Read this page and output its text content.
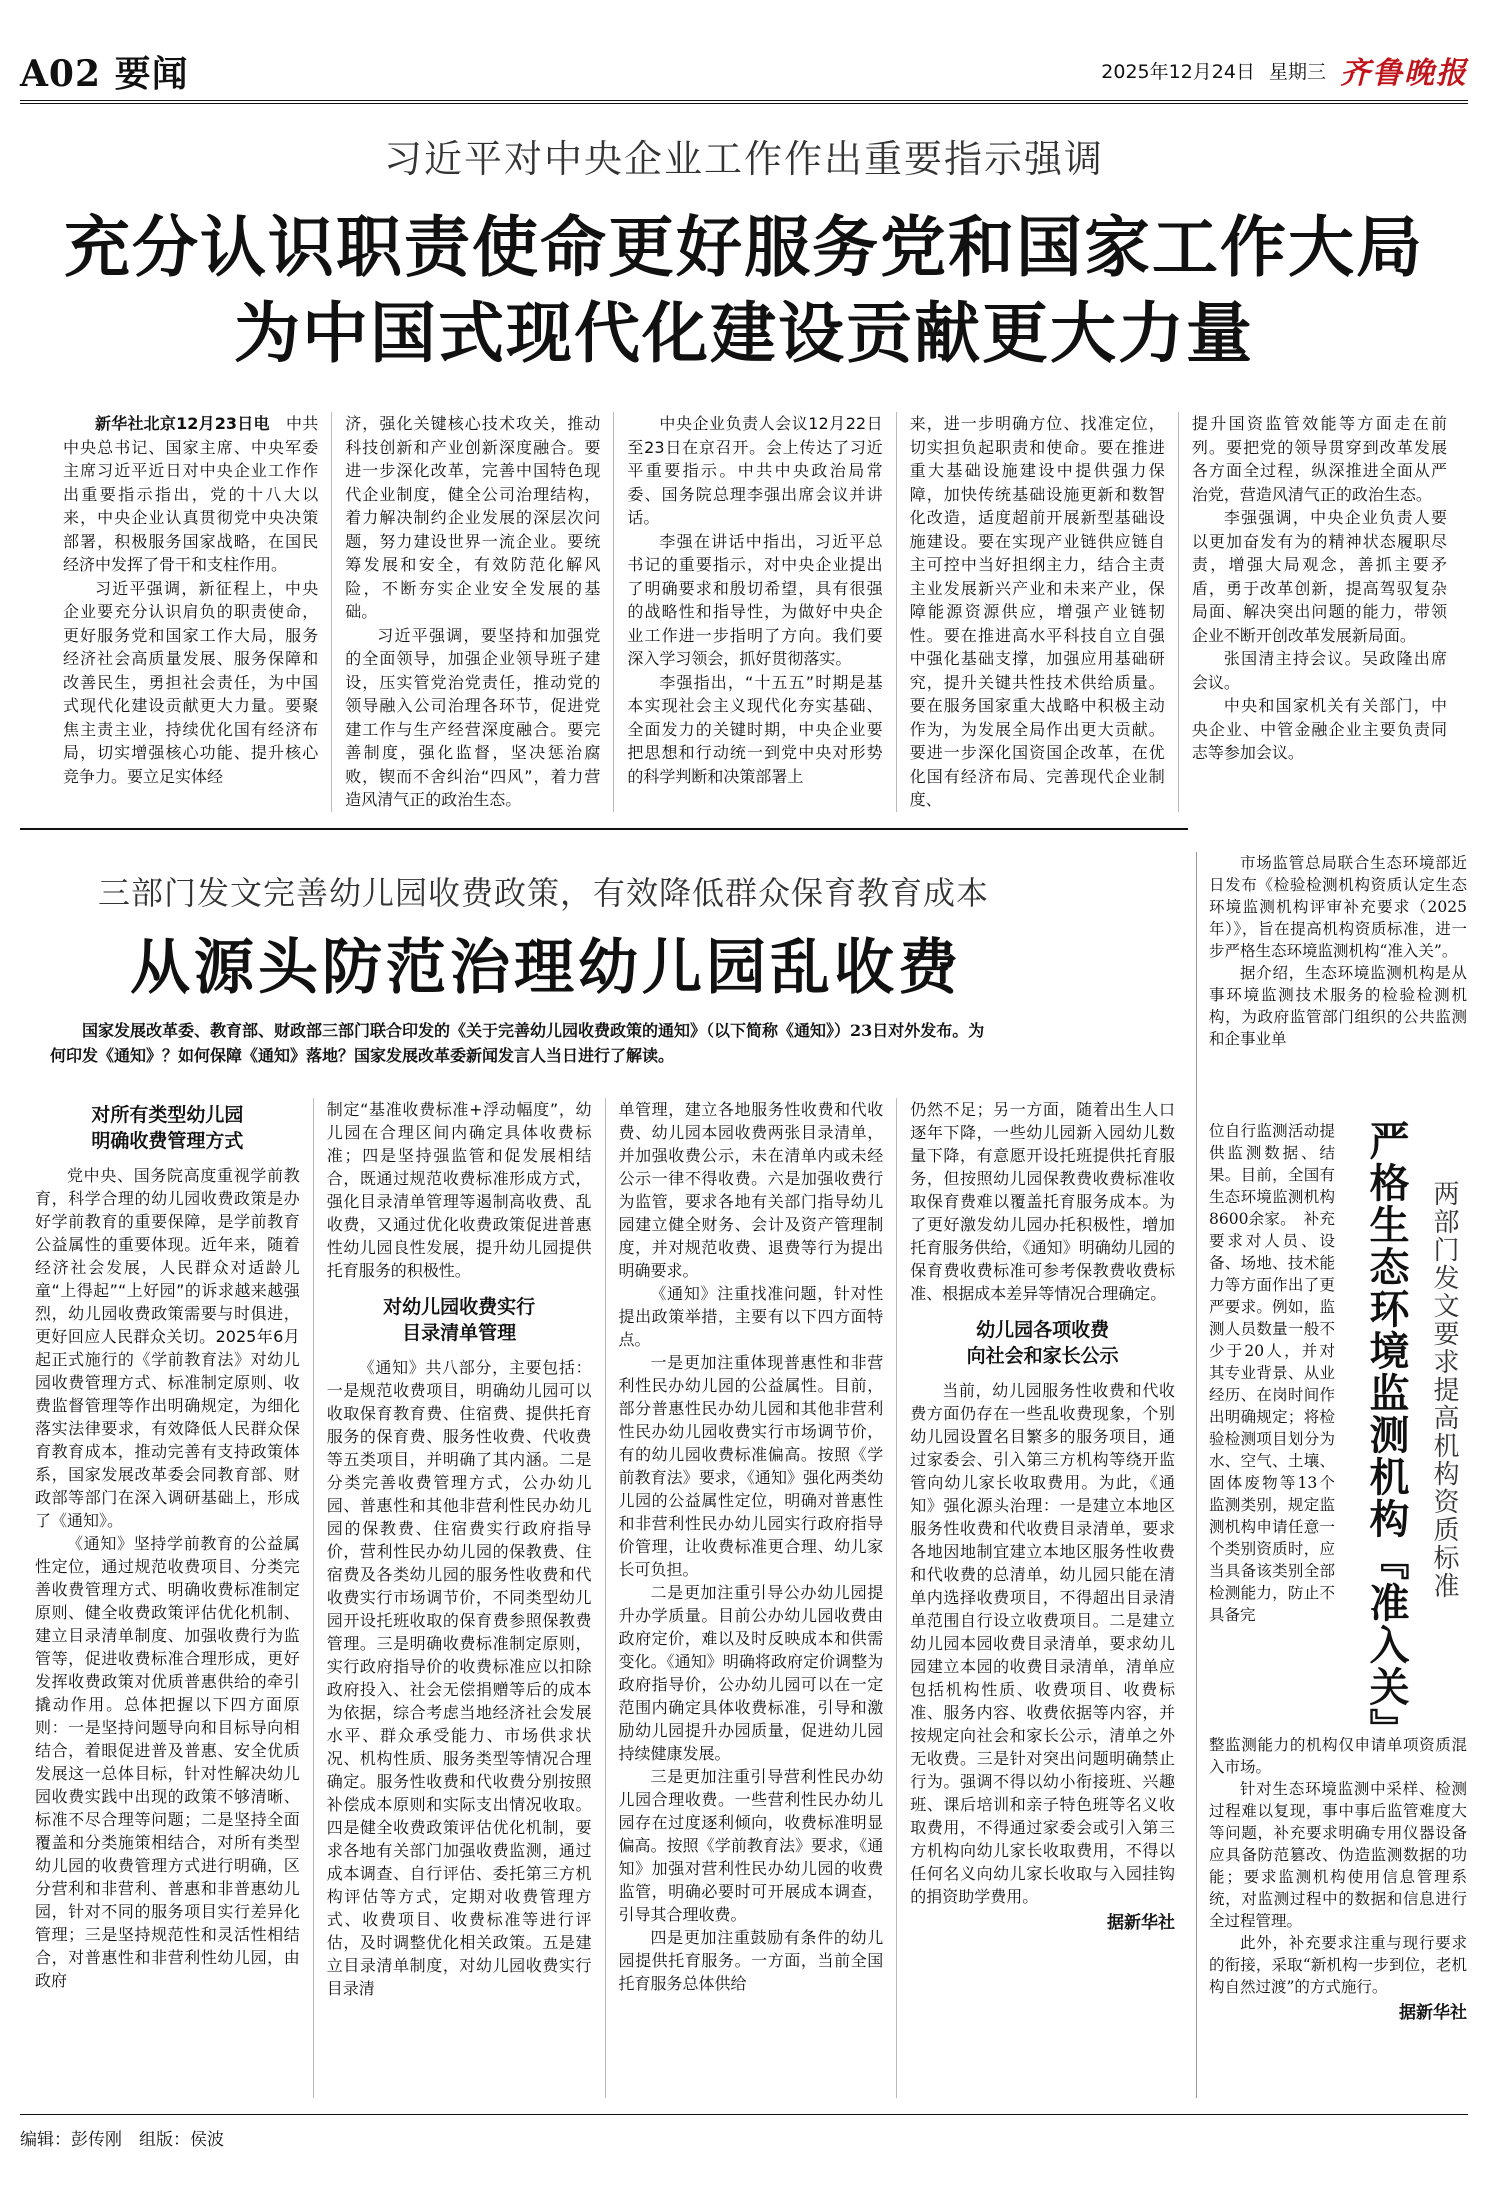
A02 要闻	2025年12月24日 星期三 齐鲁晚报
习近平对中央企业工作作出重要指示强调
充分认识职责使命更好服务党和国家工作大局
为中国式现代化建设贡献更大力量

新华社北京12月23日电　 中共中央总书记、国家主席、中央军委主席习近平近日对中央企业工作作出重要指示指出，党的十八大以来，中央企业认真贯彻党中央决策部署，积极服务国家战略，在国民经济中发挥了骨干和支柱作用。

习近平强调，新征程上，中央企业要充分认识肩负的职责使命，更好服务党和国家工作大局，服务经济社会高质量发展、服务保障和改善民生，勇担社会责任，为中国式现代化建设贡献更大力量。要聚焦主责主业，持续优化国有经济布局，切实增强核心功能、提升核心竞争力。要立足实体经

济，强化关键核心技术攻关，推动科技创新和产业创新深度融合。要进一步深化改革，完善中国特色现代企业制度，健全公司治理结构，着力解决制约企业发展的深层次问题，努力建设世界一流企业。要统筹发展和安全，有效防范化解风险，不断夯实企业安全发展的基础。

习近平强调，要坚持和加强党的全面领导，加强企业领导班子建设，压实管党治党责任，推动党的领导融入公司治理各环节，促进党建工作与生产经营深度融合。要完善制度，强化监督，坚决惩治腐败，锲而不舍纠治“四风”，着力营造风清气正的政治生态。

中央企业负责人会议12月22日至23日在京召开。会上传达了习近平重要指示。中共中央政治局常委、国务院总理李强出席会议并讲话。

李强在讲话中指出，习近平总书记的重要指示，对中央企业提出了明确要求和殷切希望，具有很强的战略性和指导性，为做好中央企业工作进一步指明了方向。我们要深入学习领会，抓好贯彻落实。

李强指出，“十五五”时期是基本实现社会主义现代化夯实基础、全面发力的关键时期，中央企业要把思想和行动统一到党中央对形势的科学判断和决策部署上

来，进一步明确方位、找准定位，切实担负起职责和使命。要在推进重大基础设施建设中提供强力保障，加快传统基础设施更新和数智化改造，适度超前开展新型基础设施建设。要在实现产业链供应链自主可控中当好担纲主力，结合主责主业发展新兴产业和未来产业，保障能源资源供应，增强产业链韧性。要在推进高水平科技自立自强中强化基础支撑，加强应用基础研究，提升关键共性技术供给质量。要在服务国家重大战略中积极主动作为，为发展全局作出更大贡献。要进一步深化国资国企改革，在优化国有经济布局、完善现代企业制度、

提升国资监管效能等方面走在前列。要把党的领导贯穿到改革发展各方面全过程，纵深推进全面从严治党，营造风清气正的政治生态。

李强强调，中央企业负责人要以更加奋发有为的精神状态履职尽责，增强大局观念，善抓主要矛盾，勇于改革创新，提高驾驭复杂局面、解决突出问题的能力，带领企业不断开创改革发展新局面。

张国清主持会议。吴政隆出席会议。

中央和国家机关有关部门，中央企业、中管金融企业主要负责同志等参加会议。

三部门发文完善幼儿园收费政策，有效降低群众保育教育成本
从源头防范治理幼儿园乱收费
国家发展改革委、教育部、财政部三部门联合印发的《关于完善幼儿园收费政策的通知》（以下简称《通知》）23日对外发布。为何印发《通知》？如何保障《通知》落地？国家发展改革委新闻发言人当日进行了解读。
对所有类型幼儿园
明确收费管理方式

党中央、国务院高度重视学前教育，科学合理的幼儿园收费政策是办好学前教育的重要保障，是学前教育公益属性的重要体现。近年来，随着经济社会发展，人民群众对适龄儿童“上得起”“上好园”的诉求越来越强烈，幼儿园收费政策需要与时俱进，更好回应人民群众关切。2025年6月起正式施行的《学前教育法》对幼儿园收费管理方式、标准制定原则、收费监督管理等作出明确规定，为细化落实法律要求，有效降低人民群众保育教育成本，推动完善有支持政策体系，国家发展改革委会同教育部、财政部等部门在深入调研基础上，形成了《通知》。

《通知》坚持学前教育的公益属性定位，通过规范收费项目、分类完善收费管理方式、明确收费标准制定原则、健全收费政策评估优化机制、建立目录清单制度、加强收费行为监管等，促进收费标准合理形成，更好发挥收费政策对优质普惠供给的牵引撬动作用。总体把握以下四方面原则：一是坚持问题导向和目标导向相结合，着眼促进普及普惠、安全优质发展这一总体目标，针对性解决幼儿园收费实践中出现的政策不够清晰、标准不尽合理等问题；二是坚持全面覆盖和分类施策相结合，对所有类型幼儿园的收费管理方式进行明确，区分营利和非营利、普惠和非普惠幼儿园，针对不同的服务项目实行差异化管理；三是坚持规范性和灵活性相结合，对普惠性和非营利性幼儿园，由政府

制定“基准收费标准+浮动幅度”，幼儿园在合理区间内确定具体收费标准；四是坚持强监管和促发展相结合，既通过规范收费标准形成方式，强化目录清单管理等遏制高收费、乱收费，又通过优化收费政策促进普惠性幼儿园良性发展，提升幼儿园提供托育服务的积极性。

对幼儿园收费实行
目录清单管理

《通知》共八部分，主要包括：一是规范收费项目，明确幼儿园可以收取保育教育费、住宿费、提供托育服务的保育费、服务性收费、代收费等五类项目，并明确了其内涵。二是分类完善收费管理方式，公办幼儿园、普惠性和其他非营利性民办幼儿园的保教费、住宿费实行政府指导价，营利性民办幼儿园的保教费、住宿费及各类幼儿园的服务性收费和代收费实行市场调节价，不同类型幼儿园开设托班收取的保育费参照保教费管理。三是明确收费标准制定原则，实行政府指导价的收费标准应以扣除政府投入、社会无偿捐赠等后的成本为依据，综合考虑当地经济社会发展水平、群众承受能力、市场供求状况、机构性质、服务类型等情况合理确定。服务性收费和代收费分别按照补偿成本原则和实际支出情况收取。四是健全收费政策评估优化机制，要求各地有关部门加强收费监测，通过成本调查、自行评估、委托第三方机构评估等方式，定期对收费管理方式、收费项目、收费标准等进行评估，及时调整优化相关政策。五是建立目录清单制度，对幼儿园收费实行目录清

单管理，建立各地服务性收费和代收费、幼儿园本园收费两张目录清单，并加强收费公示，未在清单内或未经公示一律不得收费。六是加强收费行为监管，要求各地有关部门指导幼儿园建立健全财务、会计及资产管理制度，并对规范收费、退费等行为提出明确要求。

《通知》注重找准问题，针对性提出政策举措，主要有以下四方面特点。

一是更加注重体现普惠性和非营利性民办幼儿园的公益属性。目前，部分普惠性民办幼儿园和其他非营利性民办幼儿园收费实行市场调节价，有的幼儿园收费标准偏高。按照《学前教育法》要求，《通知》强化两类幼儿园的公益属性定位，明确对普惠性和非营利性民办幼儿园实行政府指导价管理，让收费标准更合理、幼儿家长可负担。

二是更加注重引导公办幼儿园提升办学质量。目前公办幼儿园收费由政府定价，难以及时反映成本和供需变化。《通知》明确将政府定价调整为政府指导价，公办幼儿园可以在一定范围内确定具体收费标准，引导和激励幼儿园提升办园质量，促进幼儿园持续健康发展。

三是更加注重引导营利性民办幼儿园合理收费。一些营利性民办幼儿园存在过度逐利倾向，收费标准明显偏高。按照《学前教育法》要求，《通知》加强对营利性民办幼儿园的收费监管，明确必要时可开展成本调查，引导其合理收费。

四是更加注重鼓励有条件的幼儿园提供托育服务。一方面，当前全国托育服务总体供给

仍然不足；另一方面，随着出生人口逐年下降，一些幼儿园新入园幼儿数量下降，有意愿开设托班提供托育服务，但按照幼儿园保教费收费标准收取保育费难以覆盖托育服务成本。为了更好激发幼儿园办托积极性，增加托育服务供给，《通知》明确幼儿园的保育费收费标准可参考保教费收费标准、根据成本差异等情况合理确定。

幼儿园各项收费
向社会和家长公示

当前，幼儿园服务性收费和代收费方面仍存在一些乱收费现象，个别幼儿园设置名目繁多的服务项目，通过家委会、引入第三方机构等绕开监管向幼儿家长收取费用。为此，《通知》强化源头治理：一是建立本地区服务性收费和代收费目录清单，要求各地因地制宜建立本地区服务性收费和代收费的总清单，幼儿园只能在清单内选择收费项目，不得超出目录清单范围自行设立收费项目。二是建立幼儿园本园收费目录清单，要求幼儿园建立本园的收费目录清单，清单应包括机构性质、收费项目、收费标准、服务内容、收费依据等内容，并按规定向社会和家长公示，清单之外无收费。三是针对突出问题明确禁止行为。强调不得以幼小衔接班、兴趣班、课后培训和亲子特色班等名义收取费用，不得通过家委会或引入第三方机构向幼儿家长收取费用，不得以任何名义向幼儿家长收取与入园挂钩的捐资助学费用。

据新华社

市场监管总局联合生态环境部近日发布《检验检测机构资质认定生态环境监测机构评审补充要求（2025年）》，旨在提高机构资质标准，进一步严格生态环境监测机构“准入关”。

据介绍，生态环境监测机构是从事环境监测技术服务的检验检测机构，为政府监管部门组织的公共监测和企事业单

位自行监测活动提供监测数据、结果。目前，全国有生态环境监测机构8600余家。　补充要求对人员、设备、场地、技术能力等方面作出了更严要求。例如，监测人员数量一般不少于20人，并对其专业背景、从业经历、在岗时间作出明确规定；将检验检测项目划分为水、空气、土壤、固体废物等13个监测类别，规定监测机构申请任意一个类别资质时，应当具备该类别全部检测能力，防止不具备完	严格生态环境监测机构『准入关』 两部门发文要求提高机构资质标准

整监测能力的机构仅申请单项资质混入市场。

针对生态环境监测中采样、检测过程难以复现，事中事后监管难度大等问题，补充要求明确专用仪器设备应具备防范篡改、伪造监测数据的功能；要求监测机构使用信息管理系统，对监测过程中的数据和信息进行全过程管理。

此外，补充要求注重与现行要求的衔接，采取“新机构一步到位，老机构自然过渡”的方式施行。

据新华社
编辑：彭传刚　组版：侯波
